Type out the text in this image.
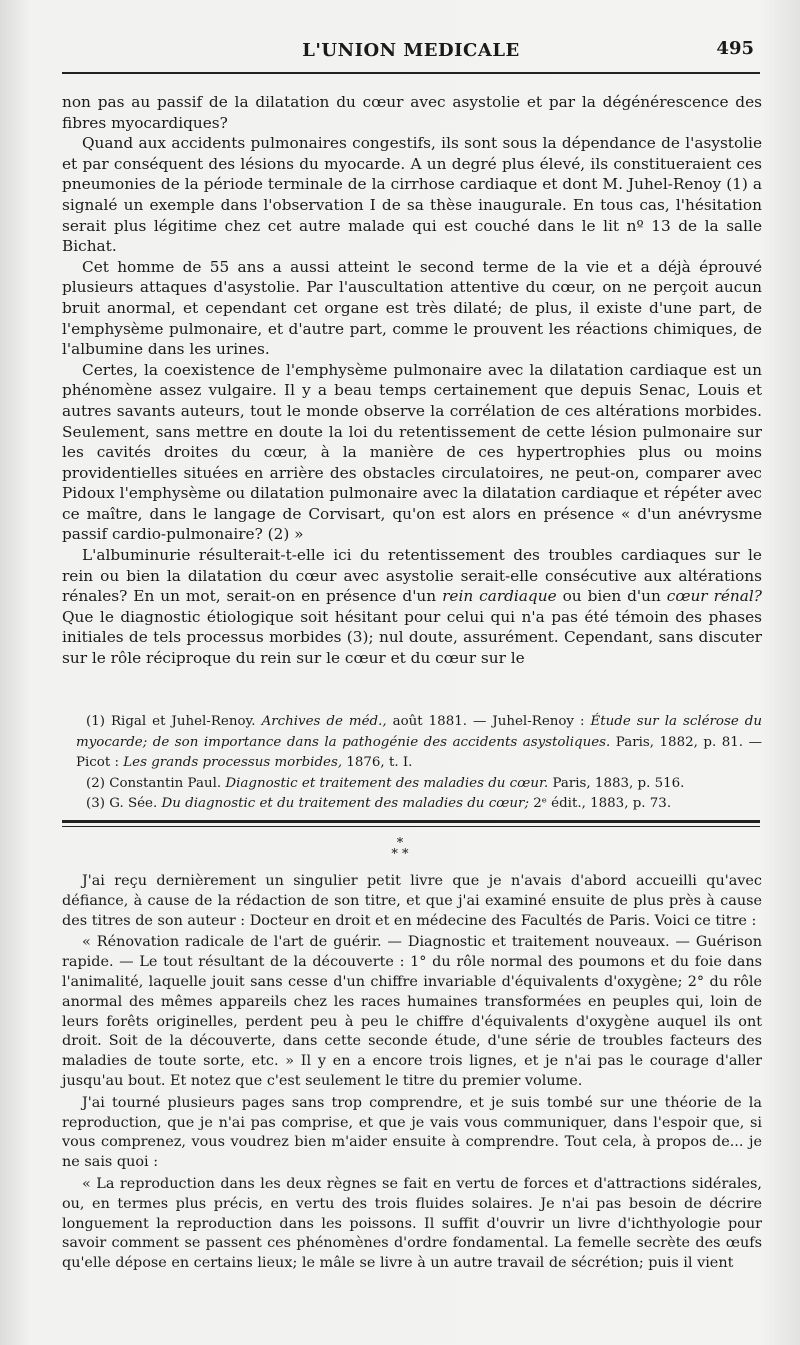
L'UNION MEDICALE	495

non pas au passif de la dilatation du cœur avec asystolie et par la dégénérescence des fibres myocardiques?

Quand aux accidents pulmonaires congestifs, ils sont sous la dépendance de l'asystolie et par conséquent des lésions du myocarde. A un degré plus élevé, ils constitueraient ces pneumonies de la période terminale de la cirrhose cardiaque et dont M. Juhel-Renoy (1) a signalé un exemple dans l'observation I de sa thèse inaugurale. En tous cas, l'hésitation serait plus légitime chez cet autre malade qui est couché dans le lit nº 13 de la salle Bichat.

Cet homme de 55 ans a aussi atteint le second terme de la vie et a déjà éprouvé plusieurs attaques d'asystolie. Par l'auscultation attentive du cœur, on ne perçoit aucun bruit anormal, et cependant cet organe est très dilaté; de plus, il existe d'une part, de l'emphysème pulmonaire, et d'autre part, comme le prouvent les réactions chimiques, de l'albumine dans les urines.

Certes, la coexistence de l'emphysème pulmonaire avec la dilatation cardiaque est un phénomène assez vulgaire. Il y a beau temps certainement que depuis Senac, Louis et autres savants auteurs, tout le monde observe la corrélation de ces altérations morbides. Seulement, sans mettre en doute la loi du retentissement de cette lésion pulmonaire sur les cavités droites du cœur, à la manière de ces hypertrophies plus ou moins providentielles situées en arrière des obstacles circulatoires, ne peut-on, comparer avec Pidoux l'emphysème ou dilatation pulmonaire avec la dilatation cardiaque et répéter avec ce maître, dans le langage de Corvisart, qu'on est alors en présence « d'un anévrysme passif cardio-pulmonaire? (2) »

L'albuminurie résulterait-t-elle ici du retentissement des troubles cardiaques sur le rein ou bien la dilatation du cœur avec asystolie serait-elle consécutive aux altérations rénales? En un mot, serait-on en présence d'un rein cardiaque ou bien d'un cœur rénal? Que le diagnostic étiologique soit hésitant pour celui qui n'a pas été témoin des phases initiales de tels processus morbides (3); nul doute, assurément. Cependant, sans discuter sur le rôle réciproque du rein sur le cœur et du cœur sur le

(1) Rigal et Juhel-Renoy. Archives de méd., août 1881. — Juhel-Renoy : Étude sur la sclérose du myocarde; de son importance dans la pathogénie des accidents asystoliques. Paris, 1882, p. 81. — Picot : Les grands processus morbides, 1876, t. I.

(2) Constantin Paul. Diagnostic et traitement des maladies du cœur. Paris, 1883, p. 516.

(3) G. Sée. Du diagnostic et du traitement des maladies du cœur; 2ᵉ édit., 1883, p. 73.

*
* *

J'ai reçu dernièrement un singulier petit livre que je n'avais d'abord accueilli qu'avec défiance, à cause de la rédaction de son titre, et que j'ai examiné ensuite de plus près à cause des titres de son auteur : Docteur en droit et en médecine des Facultés de Paris. Voici ce titre :

« Rénovation radicale de l'art de guérir. — Diagnostic et traitement nouveaux. — Guérison rapide. — Le tout résultant de la découverte : 1° du rôle normal des poumons et du foie dans l'animalité, laquelle jouit sans cesse d'un chiffre invariable d'équivalents d'oxygène; 2° du rôle anormal des mêmes appareils chez les races humaines transformées en peuples qui, loin de leurs forêts originelles, perdent peu à peu le chiffre d'équivalents d'oxygène auquel ils ont droit. Soit de la découverte, dans cette seconde étude, d'une série de troubles facteurs des maladies de toute sorte, etc. » Il y en a encore trois lignes, et je n'ai pas le courage d'aller jusqu'au bout. Et notez que c'est seulement le titre du premier volume.

J'ai tourné plusieurs pages sans trop comprendre, et je suis tombé sur une théorie de la reproduction, que je n'ai pas comprise, et que je vais vous communiquer, dans l'espoir que, si vous comprenez, vous voudrez bien m'aider ensuite à comprendre. Tout cela, à propos de... je ne sais quoi :

« La reproduction dans les deux règnes se fait en vertu de forces et d'attractions sidérales, ou, en termes plus précis, en vertu des trois fluides solaires. Je n'ai pas besoin de décrire longuement la reproduction dans les poissons. Il suffit d'ouvrir un livre d'ichthyologie pour savoir comment se passent ces phénomènes d'ordre fondamental. La femelle secrète des œufs qu'elle dépose en certains lieux; le mâle se livre à un autre travail de sécrétion; puis il vient
